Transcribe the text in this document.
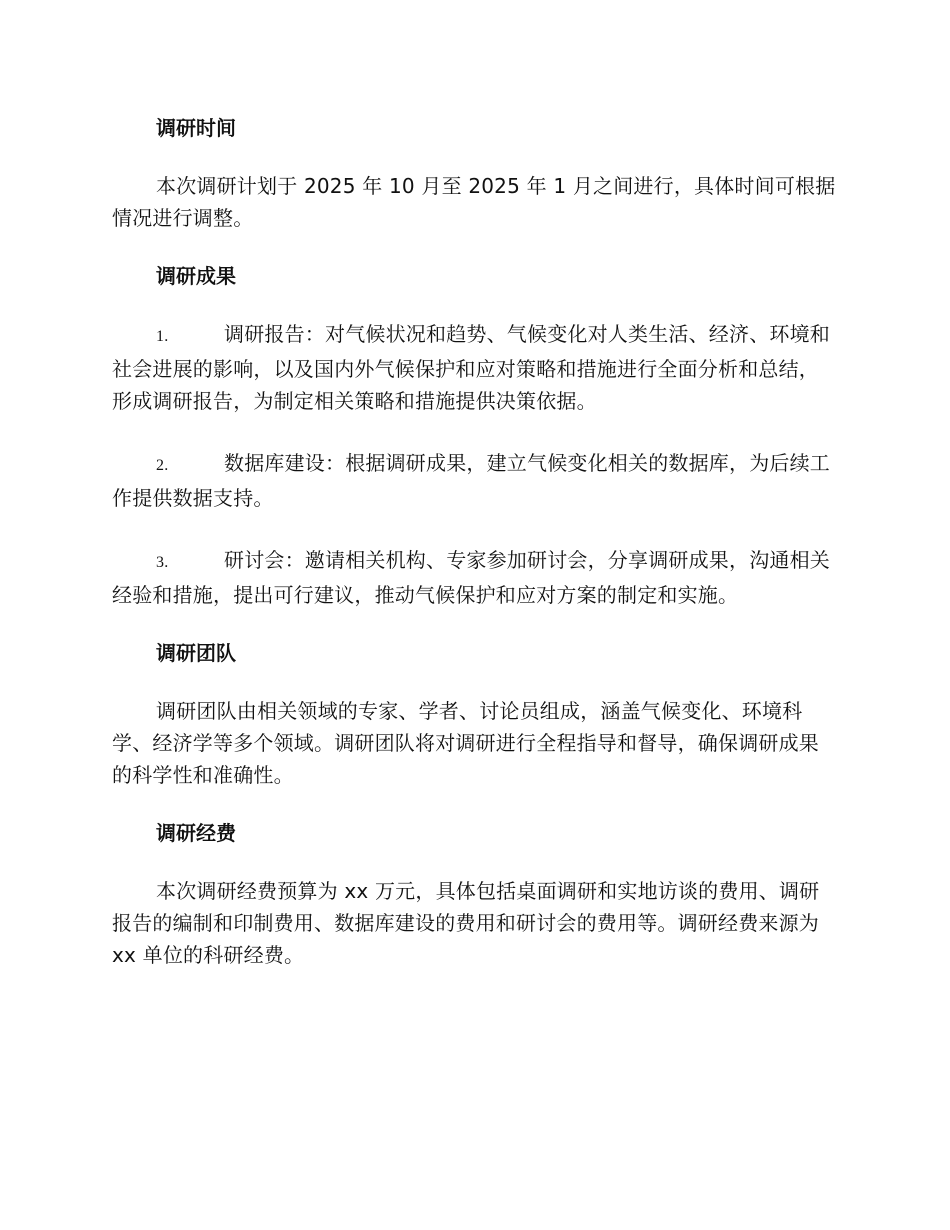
调研时间

本次调研计划于 2025 年 10 月至 2025 年 1 月之间进行，具体时间可根据情况进行调整。

调研成果

1.	调研报告：对气候状况和趋势、气候变化对人类生活、经济、环境和社会进展的影响，以及国内外气候保护和应对策略和措施进行全面分析和总结，形成调研报告，为制定相关策略和措施提供决策依据。

2.	数据库建设：根据调研成果，建立气候变化相关的数据库，为后续工作提供数据支持。

3.	研讨会：邀请相关机构、专家参加研讨会，分享调研成果，沟通相关经验和措施，提出可行建议，推动气候保护和应对方案的制定和实施。

调研团队

调研团队由相关领域的专家、学者、讨论员组成，涵盖气候变化、环境科学、经济学等多个领域。调研团队将对调研进行全程指导和督导，确保调研成果的科学性和准确性。

调研经费

本次调研经费预算为 xx 万元，具体包括桌面调研和实地访谈的费用、调研报告的编制和印制费用、数据库建设的费用和研讨会的费用等。调研经费来源为 xx 单位的科研经费。
